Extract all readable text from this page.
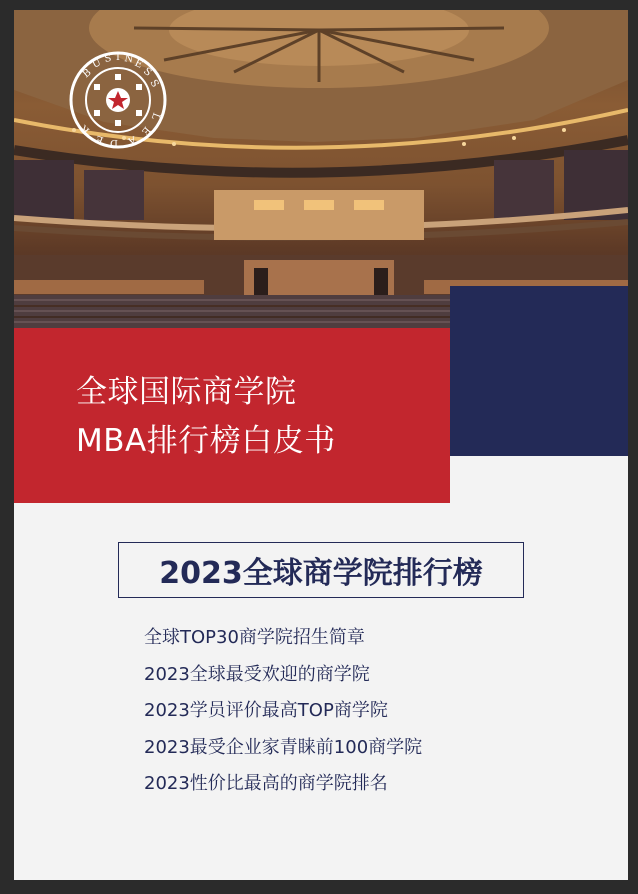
B
U S I N
E
S
S
L
E
A
D
E
R
全球国际商学院
MBA排行榜白皮书
2023全球商学院排行榜
全球TOP30商学院招生简章
2023全球最受欢迎的商学院
2023学员评价最高TOP商学院
2023最受企业家青睐前100商学院
2023性价比最高的商学院排名
